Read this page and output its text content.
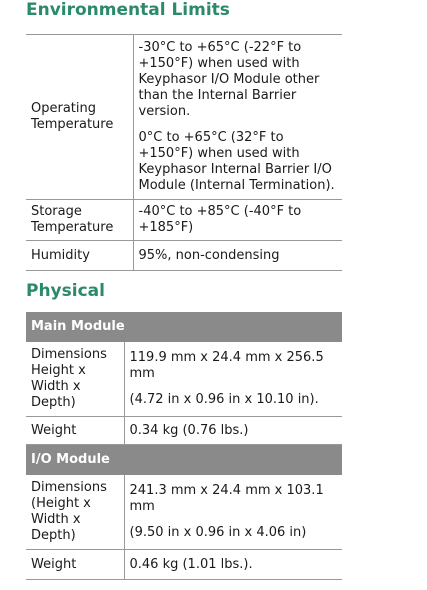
Environmental Limits
Operating Temperature	-30°C to +65°C (-22°F to +150°F) when used with Keyphasor I/O Module other than the Internal Barrier version.

0°C to +65°C (32°F to +150°F) when used with Keyphasor Internal Barrier I/O Module (Internal Termination).

Storage Temperature	-40°C to +85°C (-40°F to +185°F)
Humidity	95%, non-condensing
Physical
Main Module	
Dimensions Height x Width x Depth)	119.9 mm x 24.4 mm x 256.5 mm

(4.72 in x 0.96 in x 10.10 in).

Weight	0.34 kg (0.76 lbs.)
I/O Module	
Dimensions (Height x Width x Depth)	241.3 mm x 24.4 mm x 103.1 mm

(9.50 in x 0.96 in x 4.06 in)

Weight	0.46 kg (1.01 lbs.).
